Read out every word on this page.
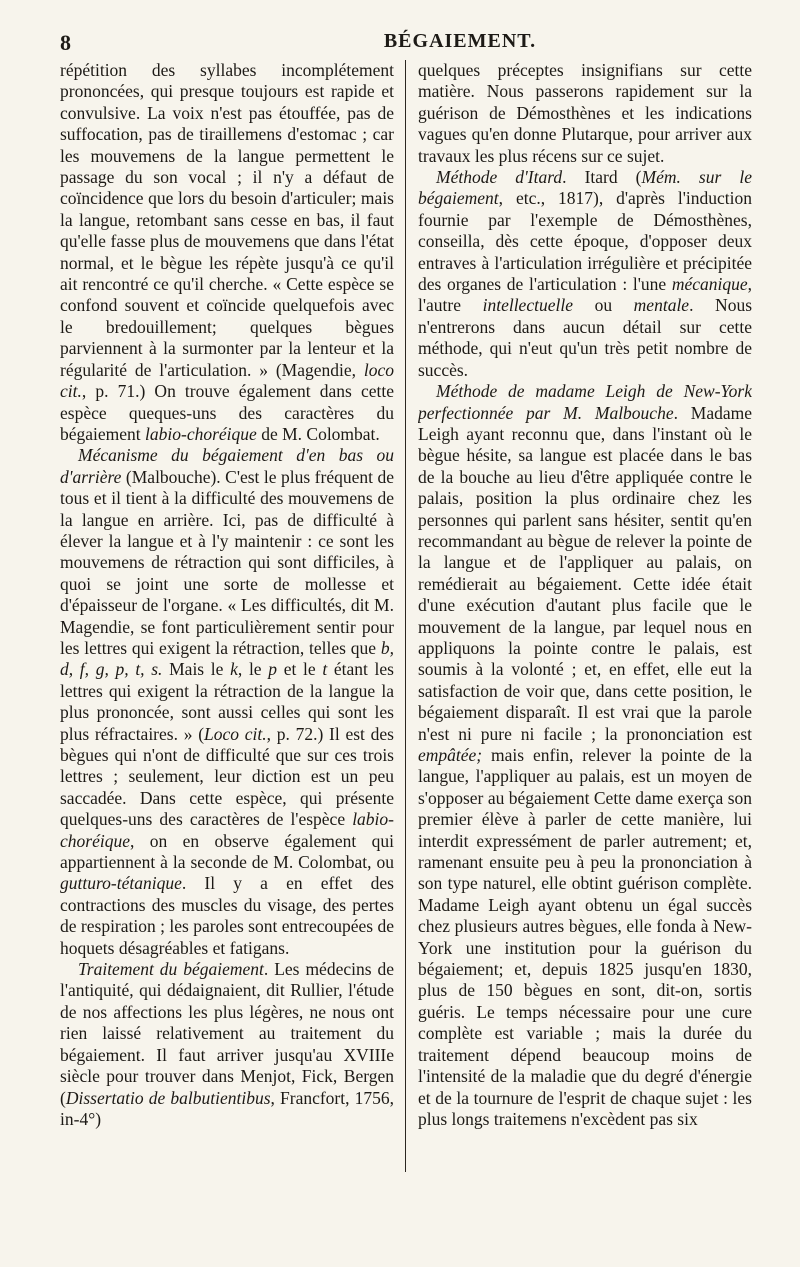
8	BÉGAIEMENT.

répétition des syllabes incomplétement prononcées, qui presque toujours est rapide et convulsive. La voix n'est pas étouffée, pas de suffocation, pas de tiraillemens d'estomac ; car les mouvemens de la langue permettent le passage du son vocal ; il n'y a défaut de coïncidence que lors du besoin d'articuler; mais la langue, retombant sans cesse en bas, il faut qu'elle fasse plus de mouvemens que dans l'état normal, et le bègue les répète jusqu'à ce qu'il ait rencontré ce qu'il cherche. « Cette espèce se confond souvent et coïncide quelquefois avec le bredouillement; quelques bègues parviennent à la surmonter par la lenteur et la régularité de l'articulation. » (Magendie, loco cit., p. 71.) On trouve également dans cette espèce queques-uns des caractères du bégaiement labio-choréique de M. Colombat.

Mécanisme du bégaiement d'en bas ou d'arrière (Malbouche). C'est le plus fréquent de tous et il tient à la difficulté des mouvemens de la langue en arrière. Ici, pas de difficulté à élever la langue et à l'y maintenir : ce sont les mouvemens de rétraction qui sont difficiles, à quoi se joint une sorte de mollesse et d'épaisseur de l'organe. « Les difficultés, dit M. Magendie, se font particulièrement sentir pour les lettres qui exigent la rétraction, telles que b, d, f, g, p, t, s. Mais le k, le p et le t étant les lettres qui exigent la rétraction de la langue la plus prononcée, sont aussi celles qui sont les plus réfractaires. » (Loco cit., p. 72.) Il est des bègues qui n'ont de difficulté que sur ces trois lettres ; seulement, leur diction est un peu saccadée. Dans cette espèce, qui présente quelques-uns des caractères de l'espèce labio-choréique, on en observe également qui appartiennent à la seconde de M. Colombat, ou gutturo-tétanique. Il y a en effet des contractions des muscles du visage, des pertes de respiration ; les paroles sont entrecoupées de hoquets désagréables et fatigans.

Traitement du bégaiement. Les médecins de l'antiquité, qui dédaignaient, dit Rullier, l'étude de nos affections les plus légères, ne nous ont rien laissé relativement au traitement du bégaiement. Il faut arriver jusqu'au XVIIIe siècle pour trouver dans Menjot, Fick, Bergen (Dissertatio de balbutientibus, Francfort, 1756, in-4°)

quelques préceptes insignifians sur cette matière. Nous passerons rapidement sur la guérison de Démosthènes et les indications vagues qu'en donne Plutarque, pour arriver aux travaux les plus récens sur ce sujet.

Méthode d'Itard. Itard (Mém. sur le bégaiement, etc., 1817), d'après l'induction fournie par l'exemple de Démosthènes, conseilla, dès cette époque, d'opposer deux entraves à l'articulation irrégulière et précipitée des organes de l'articulation : l'une mécanique, l'autre intellectuelle ou mentale. Nous n'entrerons dans aucun détail sur cette méthode, qui n'eut qu'un très petit nombre de succès.

Méthode de madame Leigh de New-York perfectionnée par M. Malbouche. Madame Leigh ayant reconnu que, dans l'instant où le bègue hésite, sa langue est placée dans le bas de la bouche au lieu d'être appliquée contre le palais, position la plus ordinaire chez les personnes qui parlent sans hésiter, sentit qu'en recommandant au bègue de relever la pointe de la langue et de l'appliquer au palais, on remédierait au bégaiement. Cette idée était d'une exécution d'autant plus facile que le mouvement de la langue, par lequel nous en appliquons la pointe contre le palais, est soumis à la volonté ; et, en effet, elle eut la satisfaction de voir que, dans cette position, le bégaiement disparaît. Il est vrai que la parole n'est ni pure ni facile ; la prononciation est empâtée; mais enfin, relever la pointe de la langue, l'appliquer au palais, est un moyen de s'opposer au bégaiement Cette dame exerça son premier élève à parler de cette manière, lui interdit expressément de parler autrement; et, ramenant ensuite peu à peu la prononciation à son type naturel, elle obtint guérison complète. Madame Leigh ayant obtenu un égal succès chez plusieurs autres bègues, elle fonda à New-York une institution pour la guérison du bégaiement; et, depuis 1825 jusqu'en 1830, plus de 150 bègues en sont, dit-on, sortis guéris. Le temps nécessaire pour une cure complète est variable ; mais la durée du traitement dépend beaucoup moins de l'intensité de la maladie que du degré d'énergie et de la tournure de l'esprit de chaque sujet : les plus longs traitemens n'excèdent pas six
